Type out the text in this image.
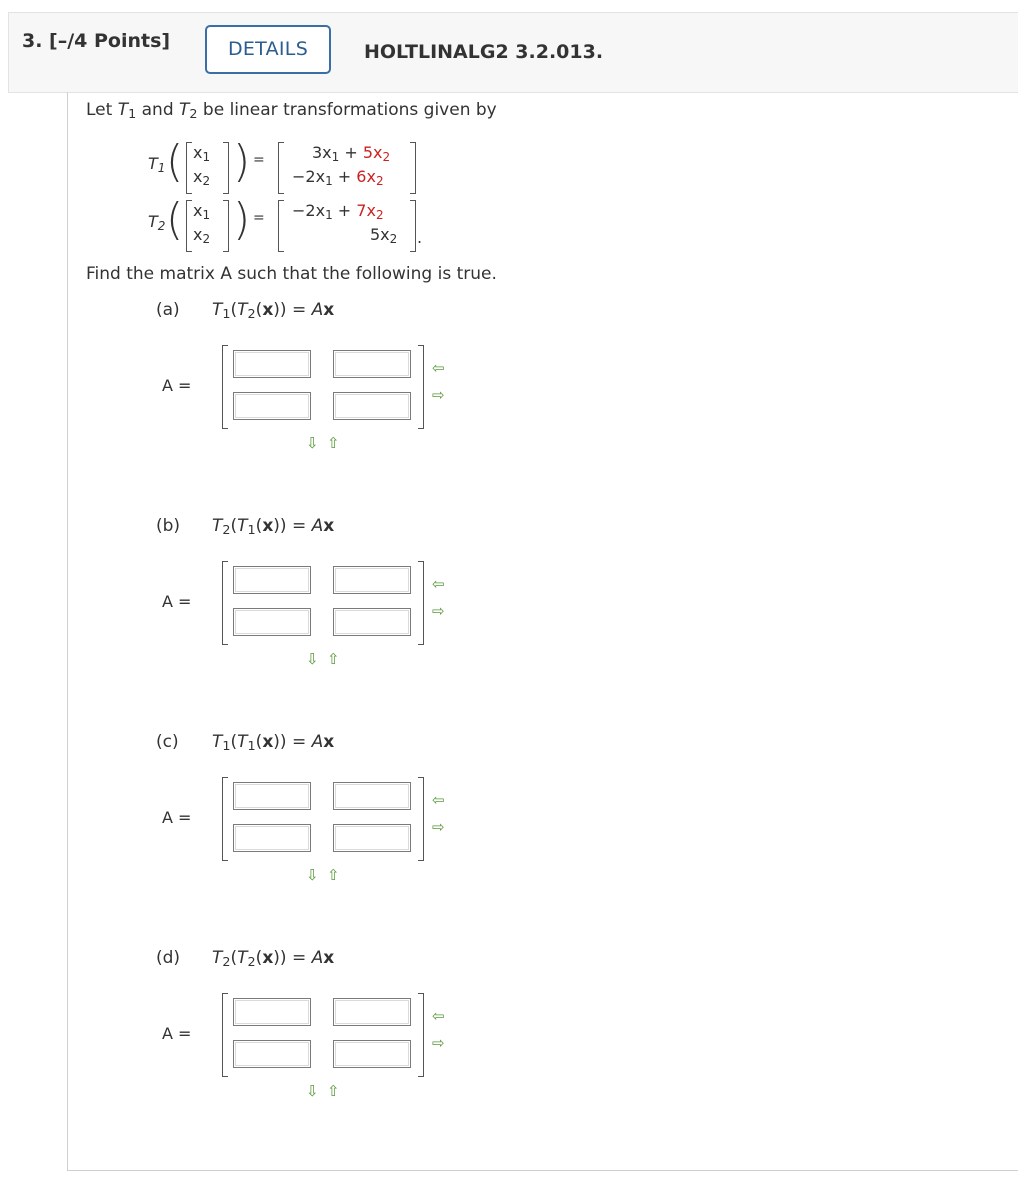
3. [–/4 Points]	DETAILS	HOLTLINALG2 3.2.013.
Let $T_1$ and $T_2$ be linear transformations given by
$T_1$ ( $x_1$
$x_2$ ) =	$3x_1 + 5x_2$
$-2x_1 + 6x_2$
$T_2$ ( $x_1$
$x_2$ ) = $-2x_1 + 7x_2$
$5x_2$ .
Find the matrix A such that the following is true.
(a) $T_1(T_2(x)) = Ax$
A =
⇦
⇨
⇩ ⇧
(b) $T_2(T_1(x)) = Ax$
A =
⇦
⇨
⇩ ⇧
(c) $T_1(T_1(x)) = Ax$
A =
⇦
⇨
⇩ ⇧
(d) $T_2(T_2(x)) = Ax$
A =
⇦
⇨
⇩ ⇧
